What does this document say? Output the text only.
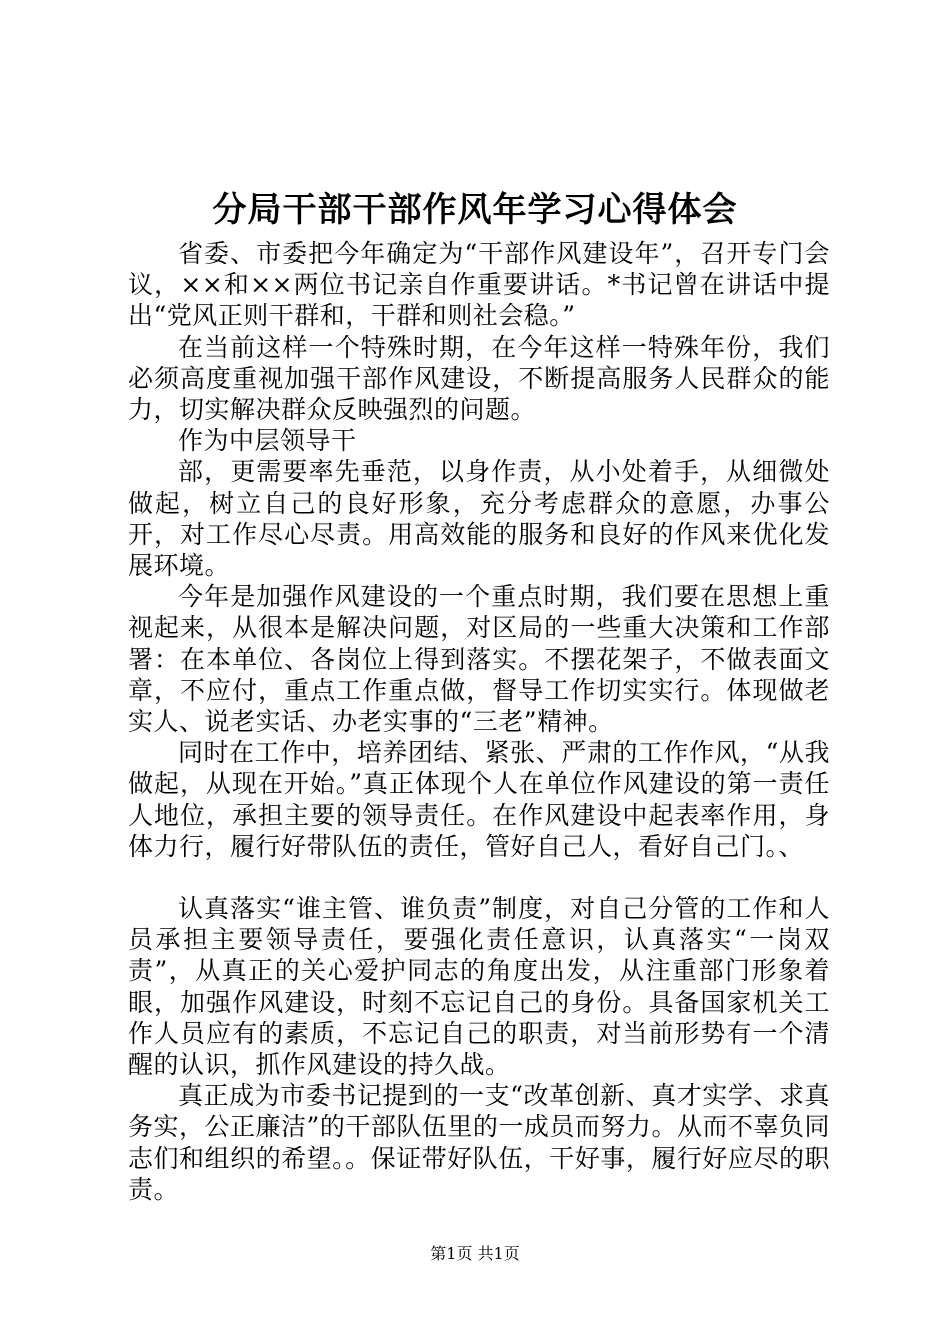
分局干部干部作风年学习心得体会

省委、市委把今年确定为“干部作风建设年”，召开专门会议，××和××两位书记亲自作重要讲话。*书记曾在讲话中提出“党风正则干群和，干群和则社会稳。”

在当前这样一个特殊时期，在今年这样一特殊年份，我们必须高度重视加强干部作风建设，不断提高服务人民群众的能力，切实解决群众反映强烈的问题。

作为中层领导干

部，更需要率先垂范，以身作责，从小处着手，从细微处做起，树立自己的良好形象，充分考虑群众的意愿，办事公开，对工作尽心尽责。用高效能的服务和良好的作风来优化发展环境。

今年是加强作风建设的一个重点时期，我们要在思想上重视起来，从很本是解决问题，对区局的一些重大决策和工作部署：在本单位、各岗位上得到落实。不摆花架子，不做表面文章，不应付，重点工作重点做，督导工作切实实行。体现做老实人、说老实话、办老实事的“三老”精神。

同时在工作中，培养团结、紧张、严肃的工作作风，“从我做起，从现在开始。”真正体现个人在单位作风建设的第一责任人地位，承担主要的领导责任。在作风建设中起表率作用，身体力行，履行好带队伍的责任，管好自己人，看好自己门。、

认真落实“谁主管、谁负责”制度，对自己分管的工作和人员承担主要领导责任，要强化责任意识，认真落实“一岗双责”，从真正的关心爱护同志的角度出发，从注重部门形象着眼，加强作风建设，时刻不忘记自己的身份。具备国家机关工作人员应有的素质，不忘记自己的职责，对当前形势有一个清醒的认识，抓作风建设的持久战。

真正成为市委书记提到的一支“改革创新、真才实学、求真务实，公正廉洁”的干部队伍里的一成员而努力。从而不辜负同志们和组织的希望。。保证带好队伍，干好事，履行好应尽的职责。

第1页 共1页
